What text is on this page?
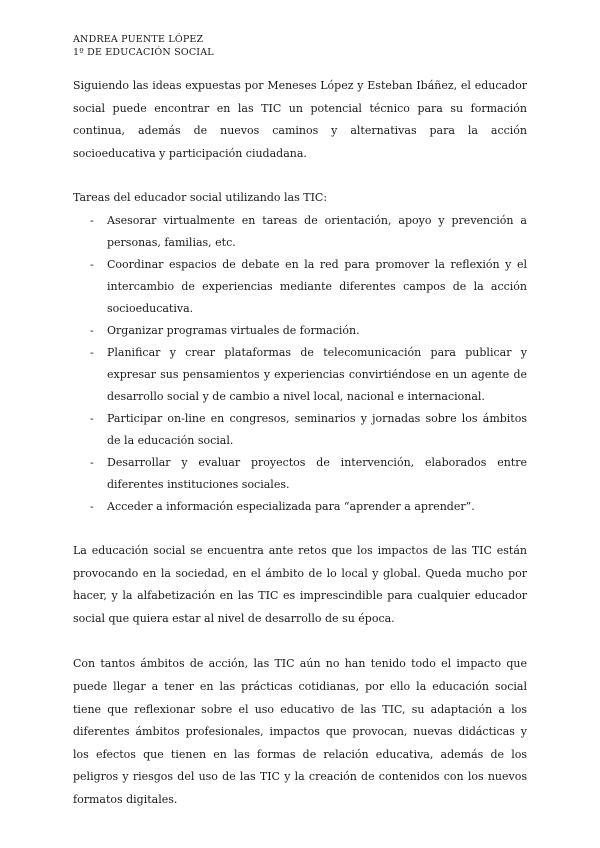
ANDREA PUENTE LÓPEZ
1º DE EDUCACIÓN SOCIAL

Siguiendo las ideas expuestas por Meneses López y Esteban Ibáñez, el educador social puede encontrar en las TIC un potencial técnico para su formación continua, además de nuevos caminos y alternativas para la acción socioeducativa y participación ciudadana.

Tareas del educador social utilizando las TIC:

- Asesorar virtualmente en tareas de orientación, apoyo y prevención a personas, familias, etc.
- Coordinar espacios de debate en la red para promover la reflexión y el intercambio de experiencias mediante diferentes campos de la acción socioeducativa.
- Organizar programas virtuales de formación.
- Planificar y crear plataformas de telecomunicación para publicar y expresar sus pensamientos y experiencias convirtiéndose en un agente de desarrollo social y de cambio a nivel local, nacional e internacional.
- Participar on-line en congresos, seminarios y jornadas sobre los ámbitos de la educación social.
- Desarrollar y evaluar proyectos de intervención, elaborados entre diferentes instituciones sociales.
- Acceder a información especializada para “aprender a aprender”.

La educación social se encuentra ante retos que los impactos de las TIC están provocando en la sociedad, en el ámbito de lo local y global. Queda mucho por hacer, y la alfabetización en las TIC es imprescindible para cualquier educador social que quiera estar al nivel de desarrollo de su época.

Con tantos ámbitos de acción, las TIC aún no han tenido todo el impacto que puede llegar a tener en las prácticas cotidianas, por ello la educación social tiene que reflexionar sobre el uso educativo de las TIC, su adaptación a los diferentes ámbitos profesionales, impactos que provocan, nuevas didácticas y los efectos que tienen en las formas de relación educativa, además de los peligros y riesgos del uso de las TIC y la creación de contenidos con los nuevos formatos digitales.
